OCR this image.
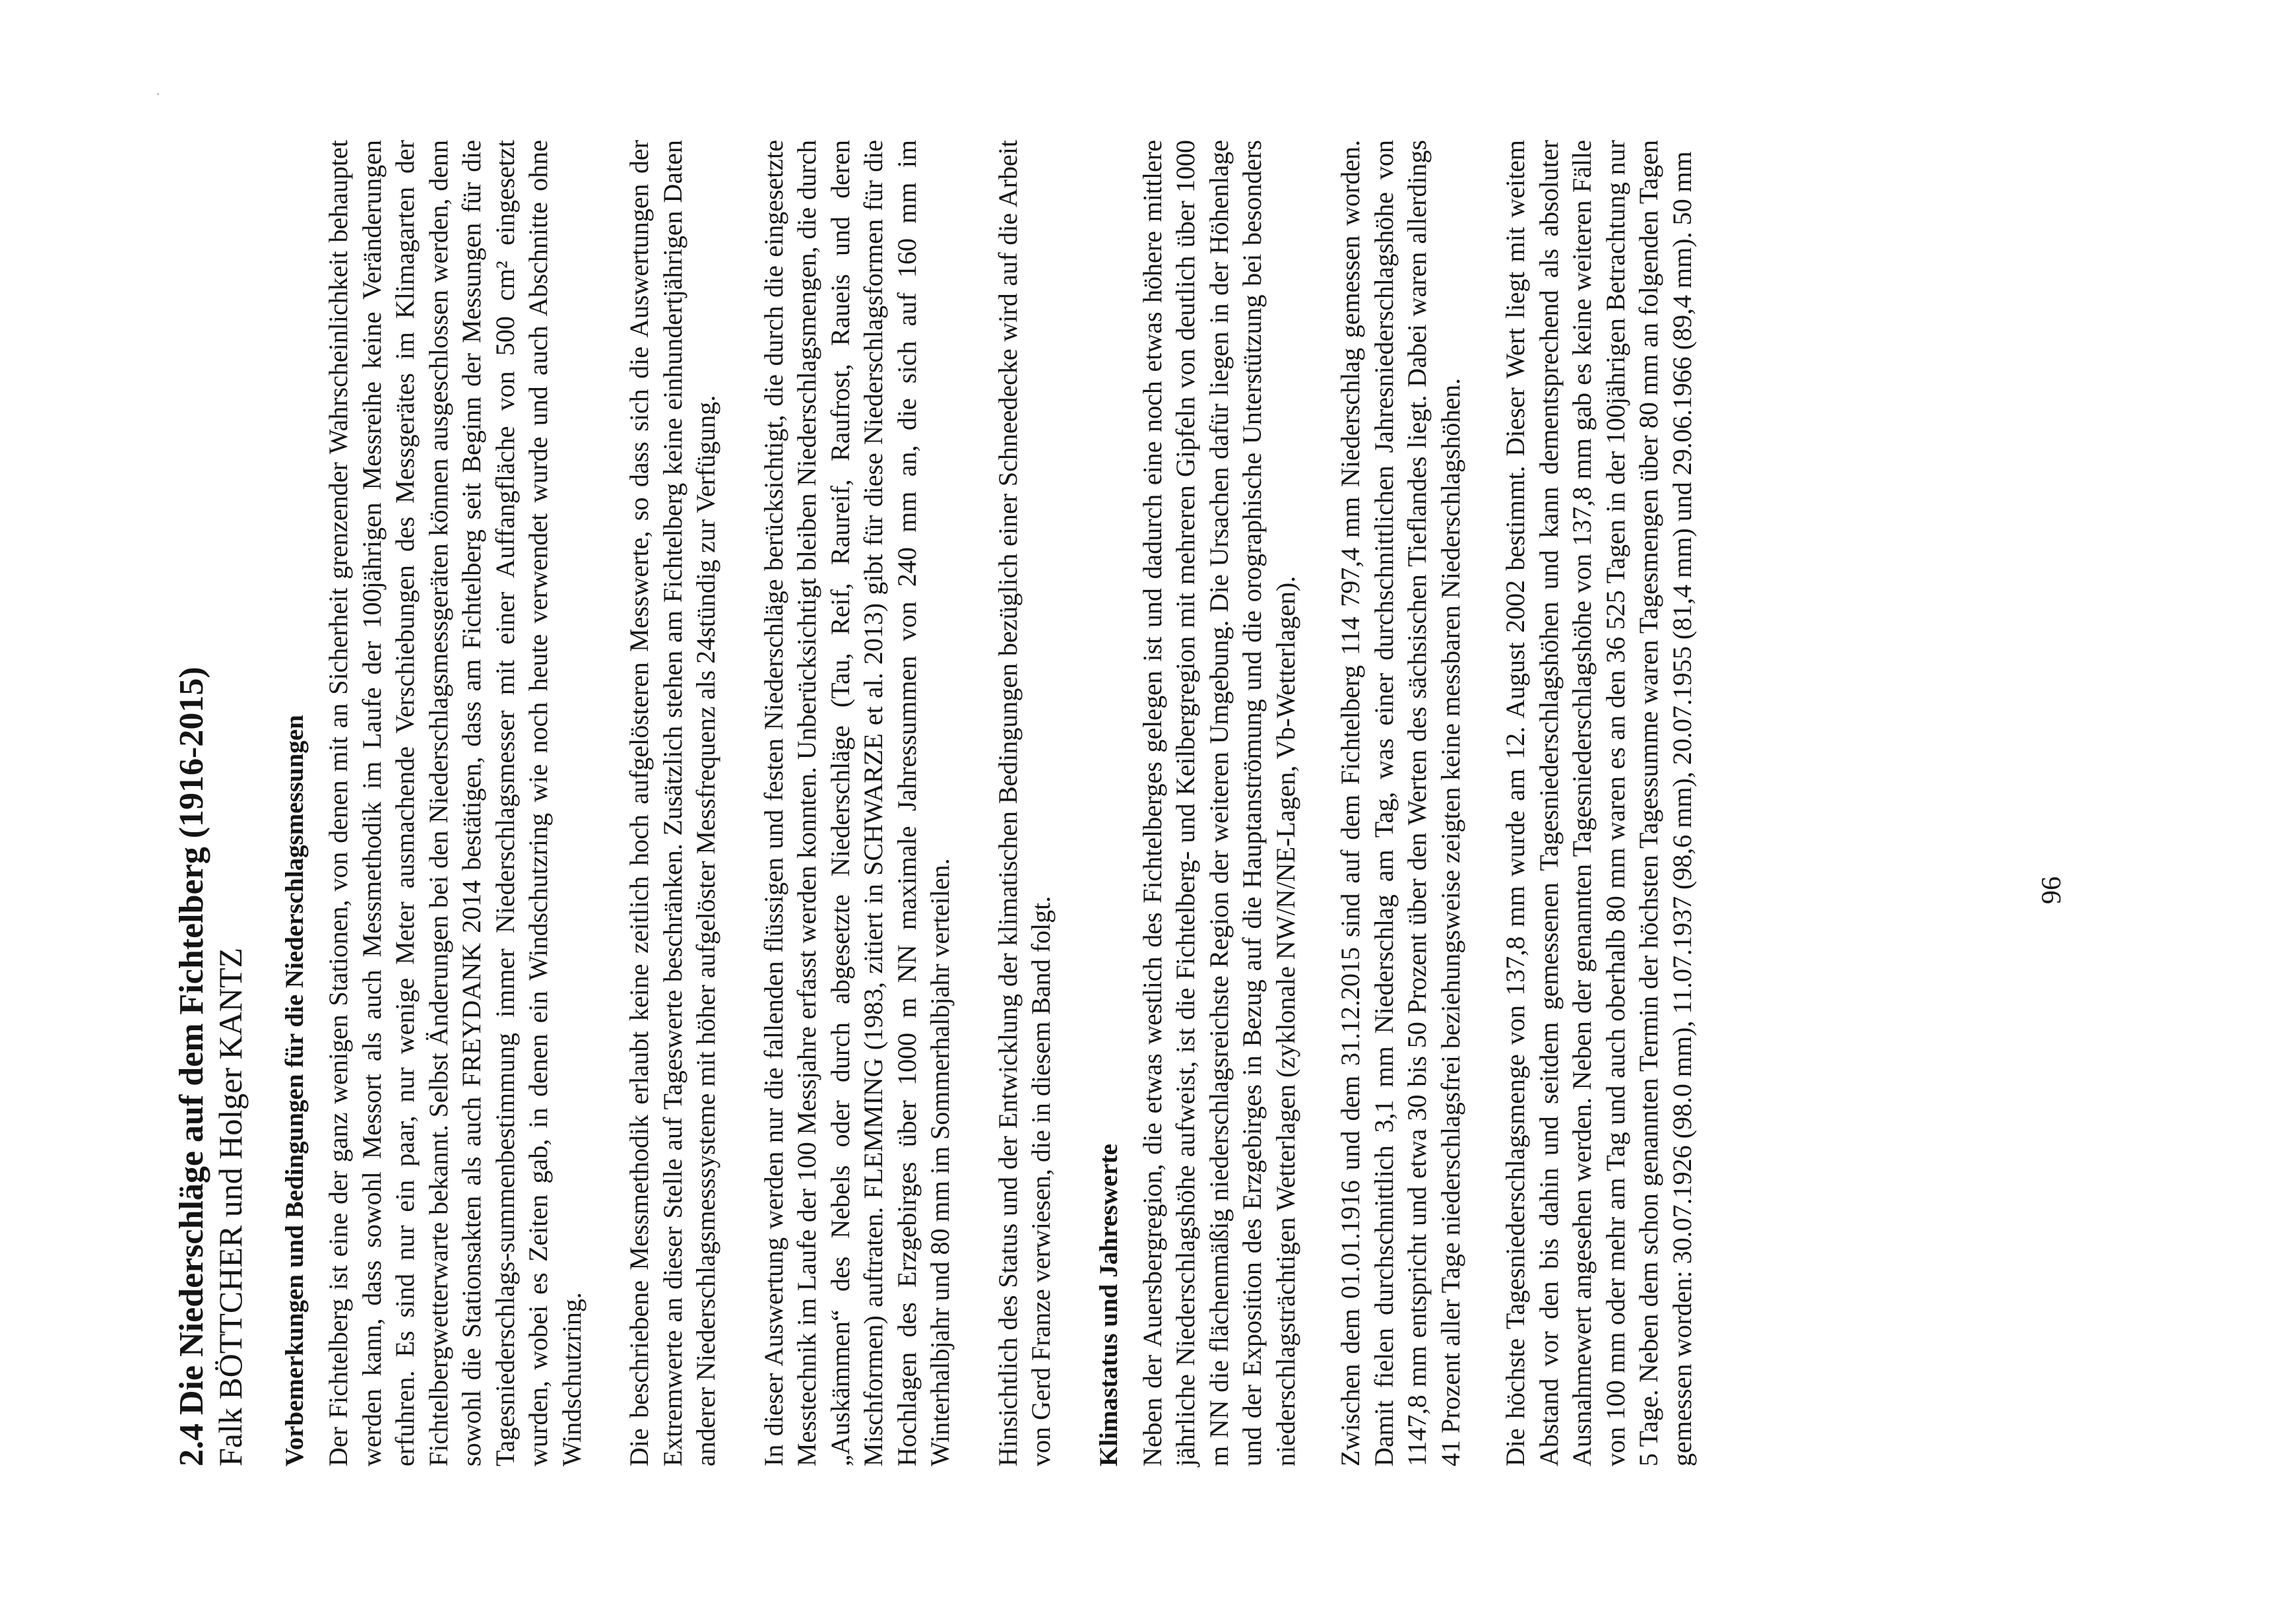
2.4 Die Niederschläge auf dem Fichtelberg (1916-2015) Falk BÖTTCHER und Holger KANTZ Vorbemerkungen und Bedingungen für die Niederschlagsmessungen Der Fichtelberg ist eine der ganz wenigen Stationen, von denen mit an Sicherheit grenzender Wahrscheinlichkeit behauptet werden kann, dass sowohl Messort als auch Messmethodik im Laufe der 100jährigen Messreihe keine Veränderungen erfuhren. Es sind nur ein paar, nur wenige Meter ausmachende Verschiebungen des Messgerätes im Klimagarten der Fichtelbergwetterwarte bekannt. Selbst Änderungen bei den Niederschlagsmessgeräten können ausgeschlossen werden, denn sowohl die Stationsakten als auch FREYDANK 2014 bestätigen, dass am Fichtelberg seit Beginn der Messungen für die Tagesniederschlags-summenbestimmung immer Niederschlagsmesser mit einer Auffangfläche von 500 cm² eingesetzt wurden, wobei es Zeiten gab, in denen ein Windschutzring wie noch heute verwendet wurde und auch Abschnitte ohne Windschutzring. Die beschriebene Messmethodik erlaubt keine zeitlich hoch aufgelösteren Messwerte, so dass sich die Auswertungen der Extremwerte an dieser Stelle auf Tageswerte beschränken. Zusätzlich stehen am Fichtelberg keine einhundertjährigen Daten anderer Niederschlagsmesssysteme mit höher aufgelöster Messfrequenz als 24stündig zur Verfügung. In dieser Auswertung werden nur die fallenden flüssigen und festen Niederschläge berücksichtigt, die durch die eingesetzte Messtechnik im Laufe der 100 Messjahre erfasst werden konnten. Unberücksichtigt bleiben Niederschlagsmengen, die durch „Auskämmen“ des Nebels oder durch abgesetzte Niederschläge (Tau, Reif, Raureif, Raufrost, Raueis und deren Mischformen) auftraten. FLEMMING (1983, zitiert in SCHWARZE et al. 2013) gibt für diese Niederschlagsformen für die Hochlagen des Erzgebirges über 1000 m NN maximale Jahressummen von 240 mm an, die sich auf 160 mm im Winterhalbjahr und 80 mm im Sommerhalbjahr verteilen. Hinsichtlich des Status und der Entwicklung der klimatischen Bedingungen bezüglich einer Schneedecke wird auf die Arbeit von Gerd Franze verwiesen, die in diesem Band folgt. Klimastatus und Jahreswerte Neben der Auersbergregion, die etwas westlich des Fichtelberges gelegen ist und dadurch eine noch etwas höhere mittlere jährliche Niederschlagshöhe aufweist, ist die Fichtelberg- und Keilbergregion mit mehreren Gipfeln von deutlich über 1000 m NN die flächenmäßig niederschlagsreichste Region der weiteren Umgebung. Die Ursachen dafür liegen in der Höhenlage und der Exposition des Erzgebirges in Bezug auf die Hauptanströmung und die orographische Unterstützung bei besonders niederschlagsträchtigen Wetterlagen (zyklonale NW/N/NE-Lagen, Vb-Wetterlagen). Zwischen dem 01.01.1916 und dem 31.12.2015 sind auf dem Fichtelberg 114 797,4 mm Niederschlag gemessen worden. Damit fielen durchschnittlich 3,1 mm Niederschlag am Tag, was einer durchschnittlichen Jahresniederschlagshöhe von 1147,8 mm entspricht und etwa 30 bis 50 Prozent über den Werten des sächsischen Tieflandes liegt. Dabei waren allerdings 41 Prozent aller Tage niederschlagsfrei beziehungsweise zeigten keine messbaren Niederschlagshöhen. Die höchste Tagesniederschlagsmenge von 137,8 mm wurde am 12. August 2002 bestimmt. Dieser Wert liegt mit weitem Abstand vor den bis dahin und seitdem gemessenen Tagesniederschlagshöhen und kann dementsprechend als absoluter Ausnahmewert angesehen werden. Neben der genannten Tagesniederschlagshöhe von 137,8 mm gab es keine weiteren Fälle von 100 mm oder mehr am Tag und auch oberhalb 80 mm waren es an den 36 525 Tagen in der 100jährigen Betrachtung nur 5 Tage. Neben dem schon genannten Termin der höchsten Tagessumme waren Tagesmengen über 80 mm an folgenden Tagen gemessen worden: 30.07.1926 (98.0 mm), 11.07.1937 (98,6 mm), 20.07.1955 (81,4 mm) und 29.06.1966 (89,4 mm). 50 mm	96
